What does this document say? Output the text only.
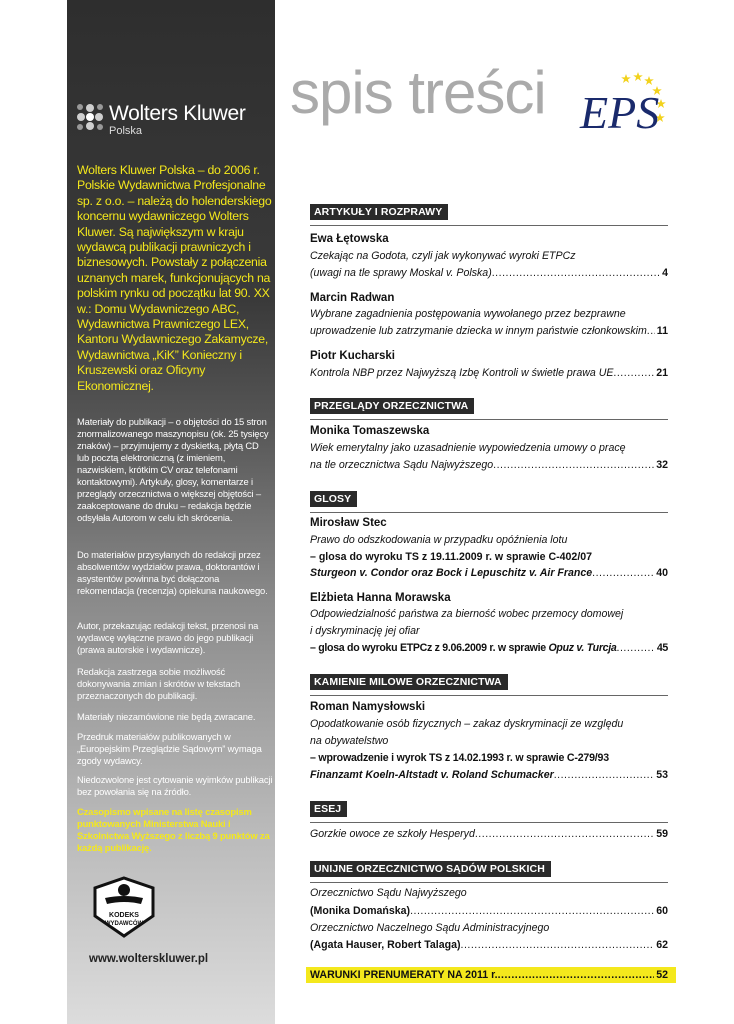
Wolters Kluwer
Polska
Wolters Kluwer Polska – do 2006 r. Polskie Wydawnictwa Profesjonalne sp. z o.o. – należą do holenderskiego koncernu wydawniczego Wolters Kluwer. Są największym w kraju wydawcą publikacji prawniczych i biznesowych. Powstały z połączenia uznanych marek, funkcjonujących na polskim rynku od początku lat 90. XX w.: Domu Wydawniczego ABC, Wydawnictwa Prawniczego LEX, Kantoru Wydawniczego Zakamycze, Wydawnictwa „KiK” Konieczny i Kruszewski oraz Oficyny Ekonomicznej.
Materiały do publikacji – o objętości do 15 stron znormalizowanego maszynopisu (ok. 25 tysięcy znaków) – przyjmujemy z dyskietką, płytą CD lub pocztą elektroniczną (z imieniem, nazwiskiem, krótkim CV oraz telefonami kontaktowymi). Artykuły, glosy, komentarze i przeglądy orzecznictwa o większej objętości – zaakceptowane do druku – redakcja będzie odsyłała Autorom w celu ich skrócenia.
Do materiałów przysyłanych do redakcji przez absolwentów wydziałów prawa, doktorantów i asystentów powinna być dołączona rekomendacja (recenzja) opiekuna naukowego.
Autor, przekazując redakcji tekst, przenosi na wydawcę wyłączne prawo do jego publikacji (prawa autorskie i wydawnicze).
Redakcja zastrzega sobie możliwość dokonywania zmian i skrótów w tekstach przeznaczonych do publikacji.
Materiały niezamówione nie będą zwracane.
Przedruk materiałów publikowanych w „Europejskim Przeglądzie Sądowym” wymaga zgody wydawcy.
Niedozwolone jest cytowanie wyimków publikacji bez powołania się na źródło.
Czasopismo wpisane na listę czasopism punktowanych Ministerstwa Nauki i Szkolnictwa Wyższego z liczbą 9 punktów za każdą publikację.
KODEKS
WYDAWCÓW
www.wolterskluwer.pl
spis treści EPS
ARTYKUŁY I ROZPRAWY
Ewa Łętowska
Czekając na Godota, czyli jak wykonywać wyroki ETPCz
(uwagi na tle sprawy Moskal v. Polska) .....	4
Marcin Radwan
Wybrane zagadnienia postępowania wywołanego przez bezprawne
uprowadzenie lub zatrzymanie dziecka w innym państwie członkowskim ..... 11
Piotr Kucharski
Kontrola NBP przez Najwyższą Izbę Kontroli w świetle prawa UE .....	21
PRZEGLĄDY ORZECZNICTWA
Monika Tomaszewska
Wiek emerytalny jako uzasadnienie wypowiedzenia umowy o pracę
na tle orzecznictwa Sądu Najwyższego .....	32
GLOSY
Mirosław Stec
Prawo do odszkodowania w przypadku opóźnienia lotu
– glosa do wyroku TS z 19.11.2009 r. w sprawie C-402/07
Sturgeon v. Condor oraz Bock i Lepuschitz v. Air France .....	40
Elżbieta Hanna Morawska
Odpowiedzialność państwa za bierność wobec przemocy domowej
i dyskryminację jej ofiar
– glosa do wyroku ETPCz z 9.06.2009 r. w sprawie Opuz v. Turcja .....	45
KAMIENIE MILOWE ORZECZNICTWA
Roman Namysłowski
Opodatkowanie osób fizycznych – zakaz dyskryminacji ze względu
na obywatelstwo
– wprowadzenie i wyrok TS z 14.02.1993 r. w sprawie C-279/93
Finanzamt Koeln-Altstadt v. Roland Schumacker .....	53
ESEJ
Gorzkie owoce ze szkoły Hesperyd .....	59
UNIJNE ORZECZNICTWO SĄDÓW POLSKICH
Orzecznictwo Sądu Najwyższego
(Monika Domańska) .....	60
Orzecznictwo Naczelnego Sądu Administracyjnego
(Agata Hauser, Robert Talaga) .....	62
WARUNKI PRENUMERATY NA 2011 r. .....	52
